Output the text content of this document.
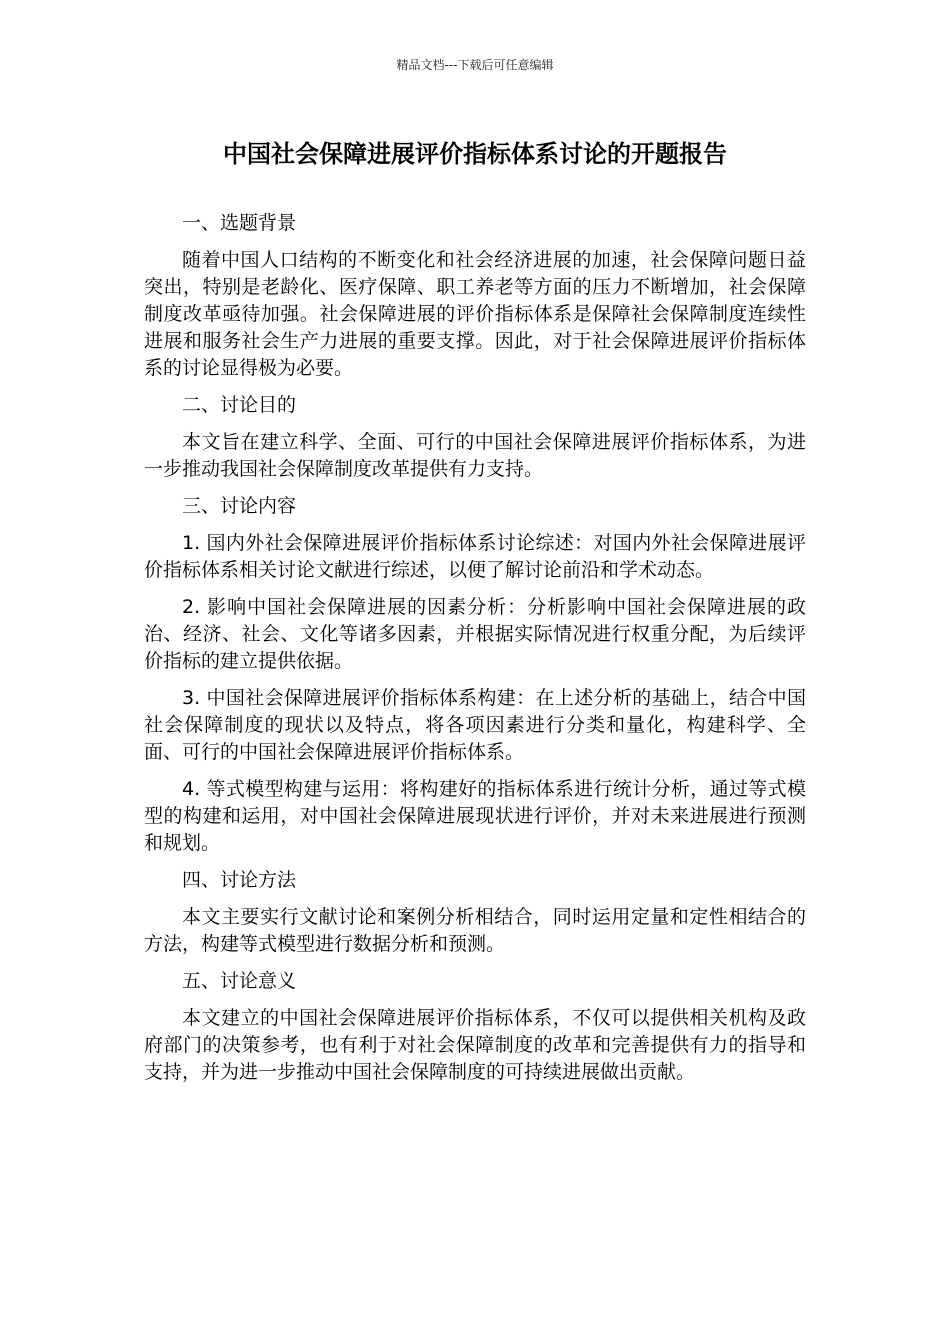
精品文档---下载后可任意编辑
中国社会保障进展评价指标体系讨论的开题报告

一、选题背景

随着中国人口结构的不断变化和社会经济进展的加速，社会保障问题日益突出，特别是老龄化、医疗保障、职工养老等方面的压力不断增加，社会保障制度改革亟待加强。社会保障进展的评价指标体系是保障社会保障制度连续性进展和服务社会生产力进展的重要支撑。因此，对于社会保障进展评价指标体系的讨论显得极为必要。

二、讨论目的

本文旨在建立科学、全面、可行的中国社会保障进展评价指标体系，为进一步推动我国社会保障制度改革提供有力支持。

三、讨论内容

1. 国内外社会保障进展评价指标体系讨论综述：对国内外社会保障进展评价指标体系相关讨论文献进行综述，以便了解讨论前沿和学术动态。

2. 影响中国社会保障进展的因素分析：分析影响中国社会保障进展的政治、经济、社会、文化等诸多因素，并根据实际情况进行权重分配，为后续评价指标的建立提供依据。

3. 中国社会保障进展评价指标体系构建：在上述分析的基础上，结合中国社会保障制度的现状以及特点，将各项因素进行分类和量化，构建科学、全面、可行的中国社会保障进展评价指标体系。

4. 等式模型构建与运用：将构建好的指标体系进行统计分析，通过等式模型的构建和运用，对中国社会保障进展现状进行评价，并对未来进展进行预测和规划。

四、讨论方法

本文主要实行文献讨论和案例分析相结合，同时运用定量和定性相结合的方法，构建等式模型进行数据分析和预测。

五、讨论意义

本文建立的中国社会保障进展评价指标体系，不仅可以提供相关机构及政府部门的决策参考，也有利于对社会保障制度的改革和完善提供有力的指导和支持，并为进一步推动中国社会保障制度的可持续进展做出贡献。
